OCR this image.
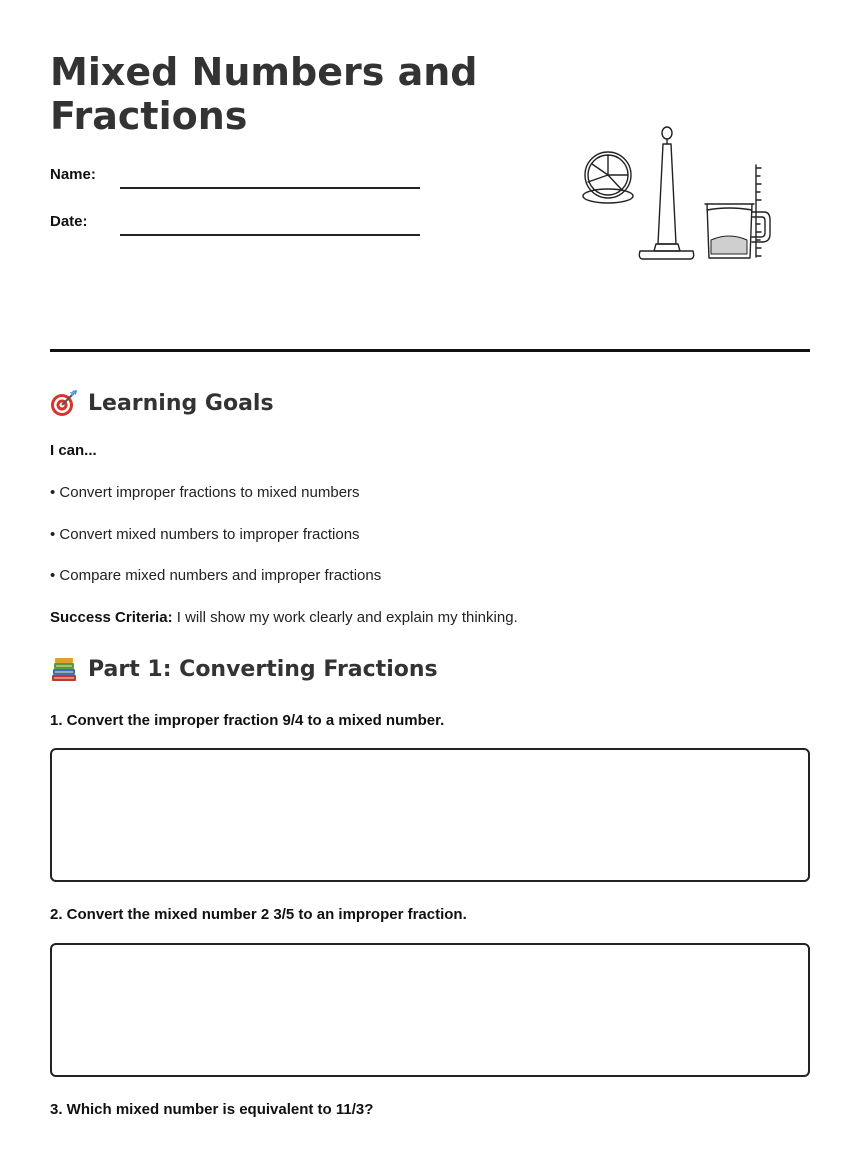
Mixed Numbers and
Fractions
Name:
Date:
Learning Goals
I can...
• Convert improper fractions to mixed numbers
• Convert mixed numbers to improper fractions
• Compare mixed numbers and improper fractions
Success Criteria: I will show my work clearly and explain my thinking.
Part 1: Converting Fractions
1. Convert the improper fraction 9/4 to a mixed number.
2. Convert the mixed number 2 3/5 to an improper fraction.
3. Which mixed number is equivalent to 11/3?
